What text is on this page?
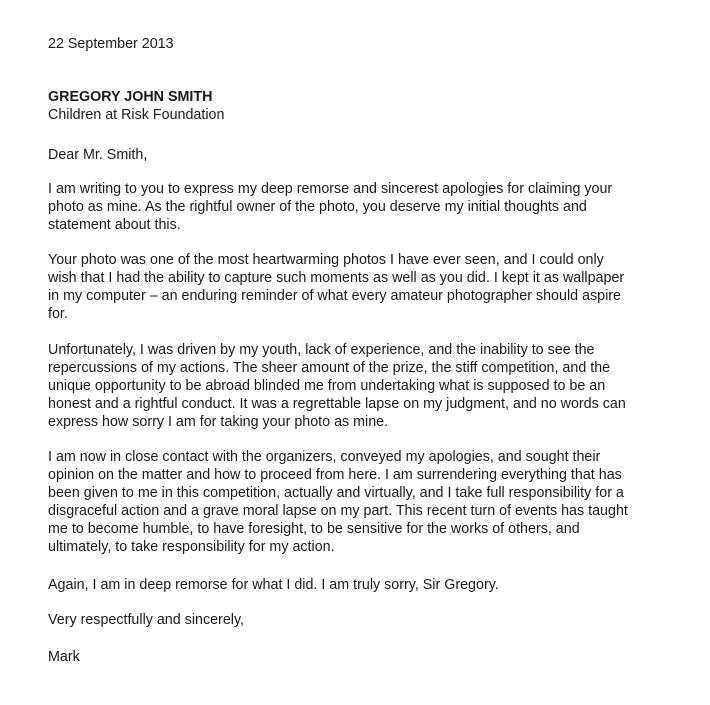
22 September 2013
GREGORY JOHN SMITH
Children at Risk Foundation
Dear Mr. Smith,
I am writing to you to express my deep remorse and sincerest apologies for claiming your
photo as mine. As the rightful owner of the photo, you deserve my initial thoughts and
statement about this.
Your photo was one of the most heartwarming photos I have ever seen, and I could only
wish that I had the ability to capture such moments as well as you did. I kept it as wallpaper
in my computer – an enduring reminder of what every amateur photographer should aspire
for.
Unfortunately, I was driven by my youth, lack of experience, and the inability to see the
repercussions of my actions. The sheer amount of the prize, the stiff competition, and the
unique opportunity to be abroad blinded me from undertaking what is supposed to be an
honest and a rightful conduct. It was a regrettable lapse on my judgment, and no words can
express how sorry I am for taking your photo as mine.
I am now in close contact with the organizers, conveyed my apologies, and sought their
opinion on the matter and how to proceed from here. I am surrendering everything that has
been given to me in this competition, actually and virtually, and I take full responsibility for a
disgraceful action and a grave moral lapse on my part. This recent turn of events has taught
me to become humble, to have foresight, to be sensitive for the works of others, and
ultimately, to take responsibility for my action.
Again, I am in deep remorse for what I did. I am truly sorry, Sir Gregory.
Very respectfully and sincerely,
Mark
